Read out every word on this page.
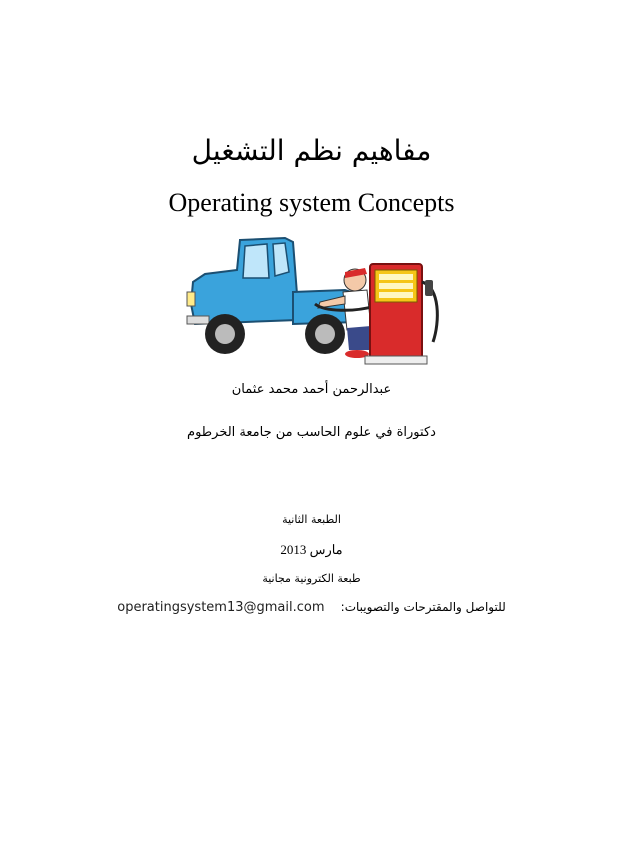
مفاهيم نظم التشغيل
Operating system Concepts
عبدالرحمن أحمد محمد عثمان
دكتوراة في علوم الحاسب من جامعة الخرطوم
الطبعة الثانية
مارس 2013
طبعة الكترونية مجانية
operatingsystem13@gmail.com للتواصل والمقترحات والتصويبات:
